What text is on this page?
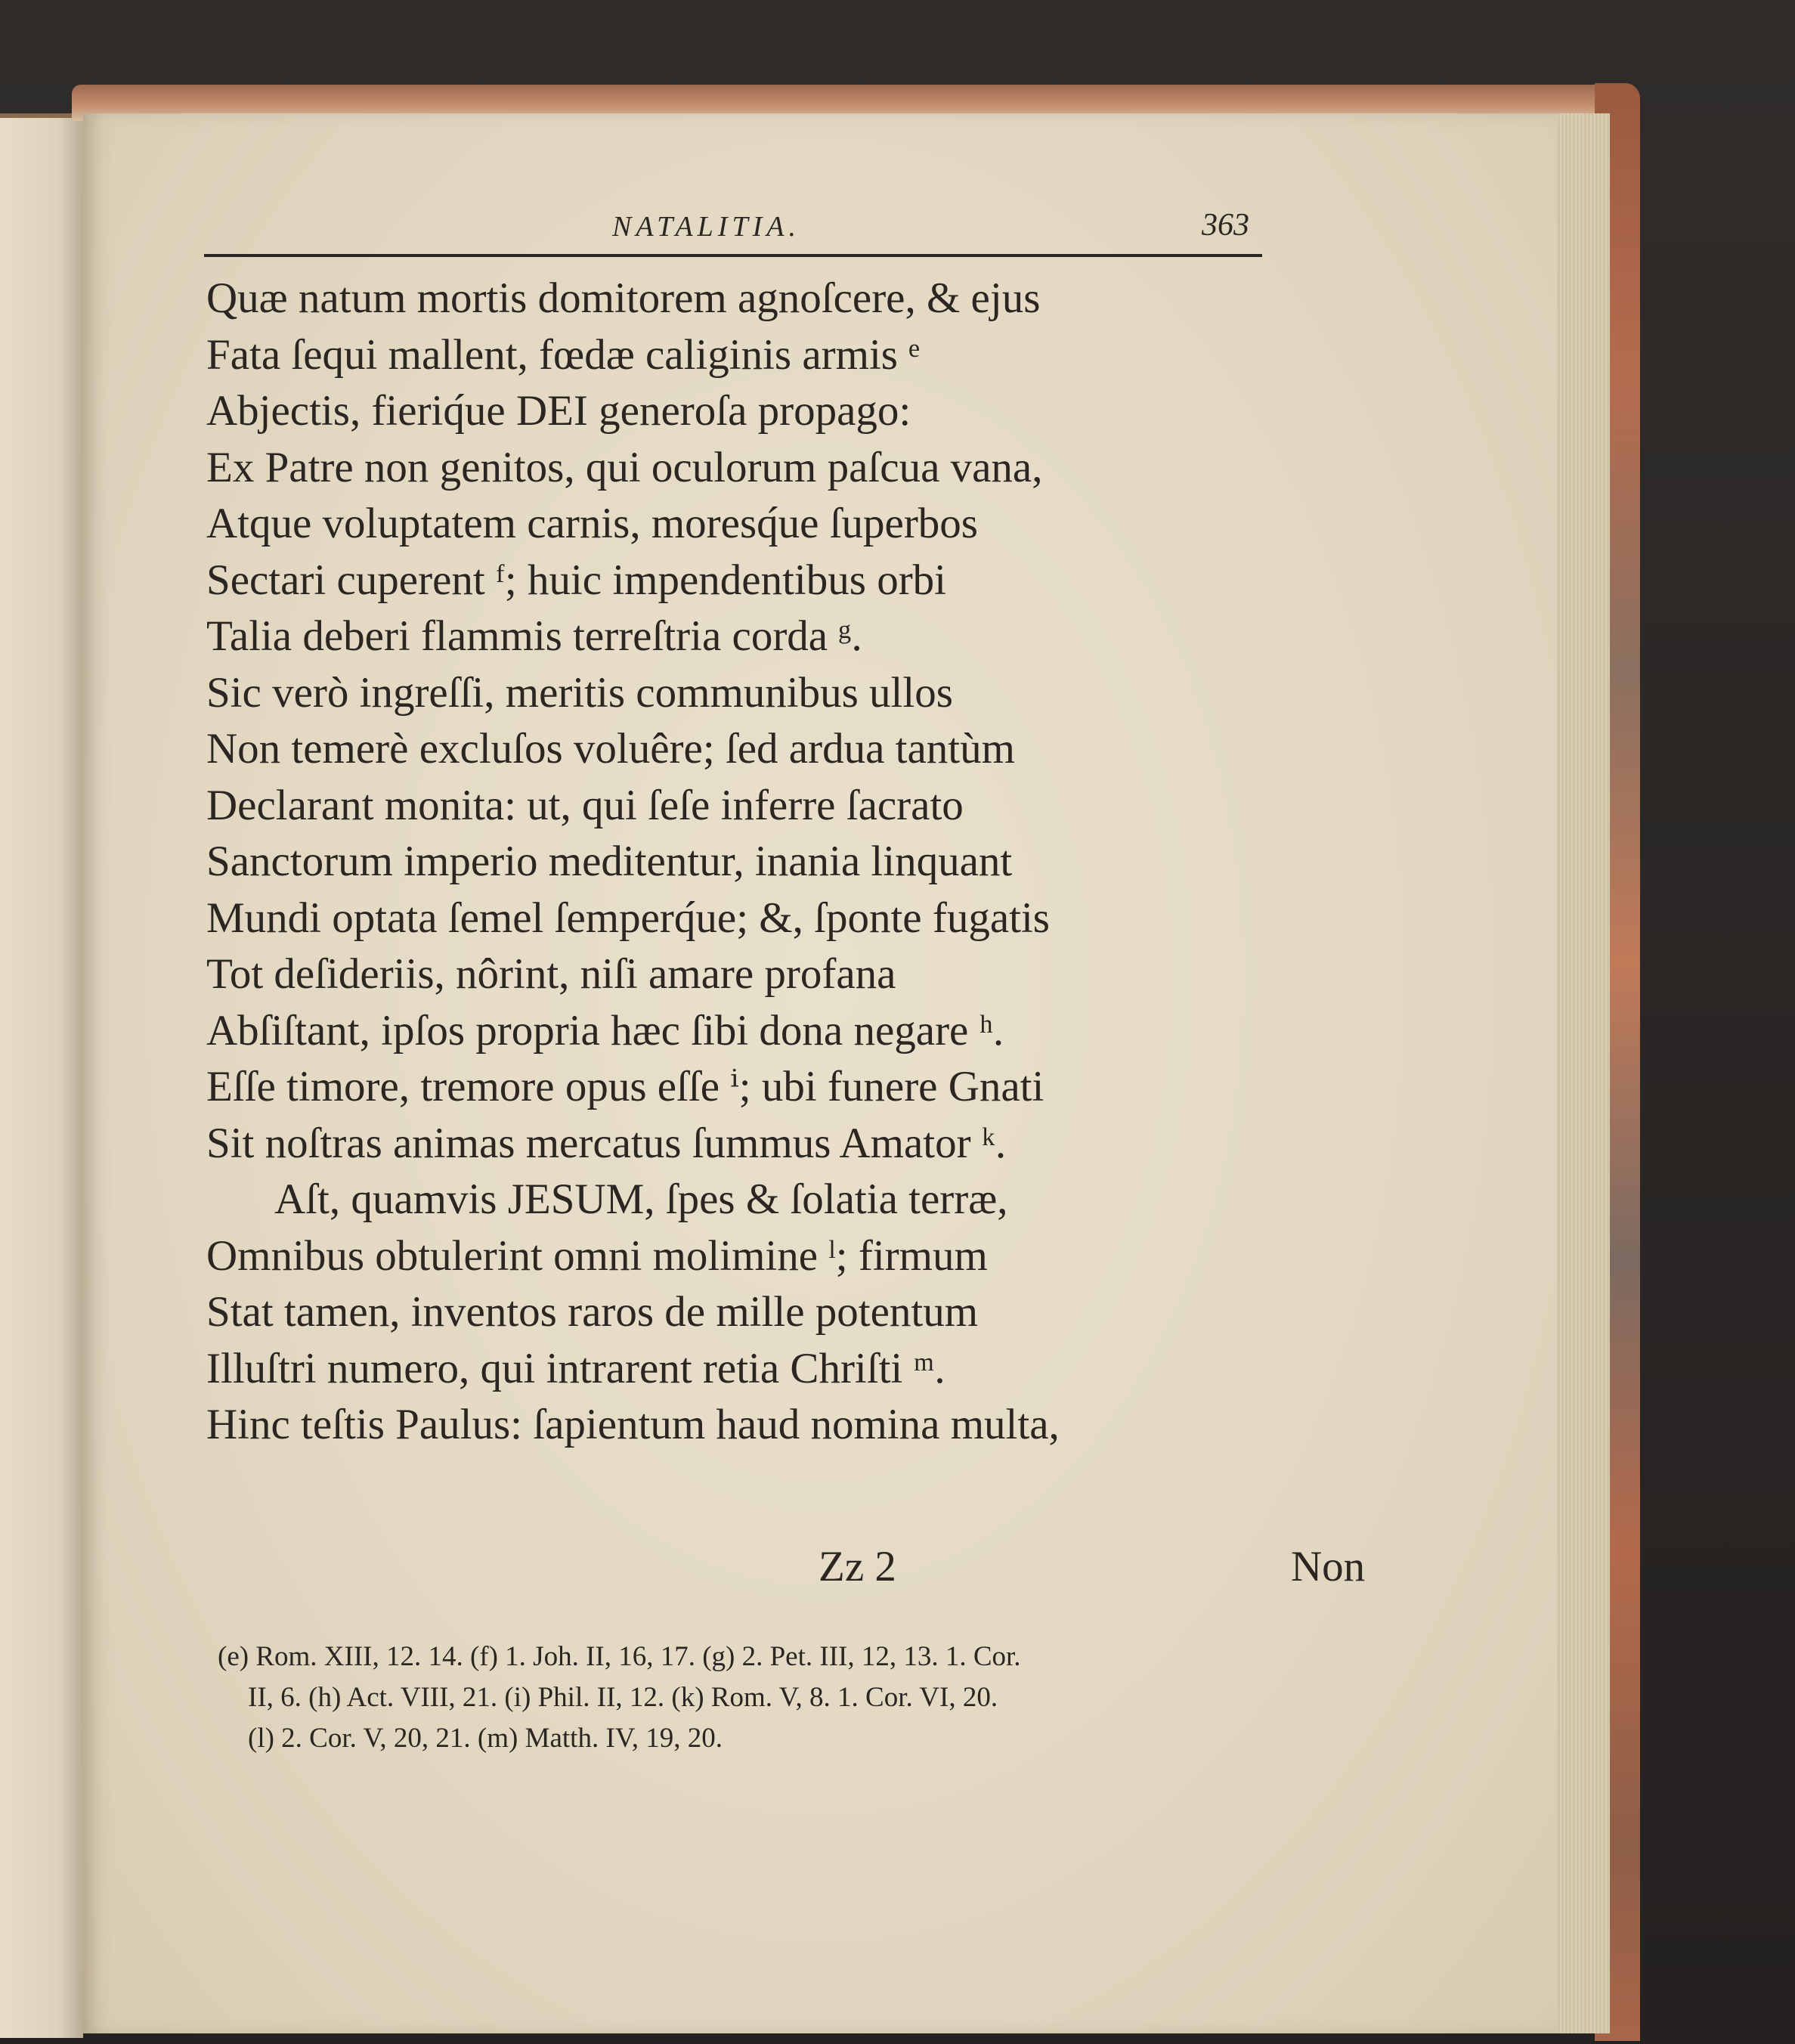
NATALITIA.	363
Quæ natum mortis domitorem agnoſcere, & ejus
Fata ſequi mallent, fœdæ caliginis armis ᵉ
Abjectis, fieriq́ue DEI generoſa propago:
Ex Patre non genitos, qui oculorum paſcua vana,
Atque voluptatem carnis, moresq́ue ſuperbos
Sectari cuperent ᶠ; huic impendentibus orbi
Talia deberi flammis terreſtria corda ᵍ.
Sic verò ingreſſi, meritis communibus ullos
Non temerè excluſos voluêre; ſed ardua tantùm
Declarant monita: ut, qui ſeſe inferre ſacrato
Sanctorum imperio meditentur, inania linquant
Mundi optata ſemel ſemperq́ue; &, ſponte fugatis
Tot deſideriis, nôrint, niſi amare profana
Abſiſtant, ipſos propria hæc ſibi dona negare ʰ.
Eſſe timore, tremore opus eſſe ⁱ; ubi funere Gnati
Sit noſtras animas mercatus ſummus Amator ᵏ.
Aſt, quamvis JESUM, ſpes & ſolatia terræ,
Omnibus obtulerint omni molimine ˡ; firmum
Stat tamen, inventos raros de mille potentum
Illuſtri numero, qui intrarent retia Chriſti ᵐ.
Hinc teſtis Paulus: ſapientum haud nomina multa,
Zz 2	Non
(e) Rom. XIII, 12. 14. (f) 1. Joh. II, 16, 17. (g) 2. Pet. III, 12, 13. 1. Cor.
II, 6. (h) Act. VIII, 21. (i) Phil. II, 12. (k) Rom. V, 8. 1. Cor. VI, 20.
(l) 2. Cor. V, 20, 21. (m) Matth. IV, 19, 20.
